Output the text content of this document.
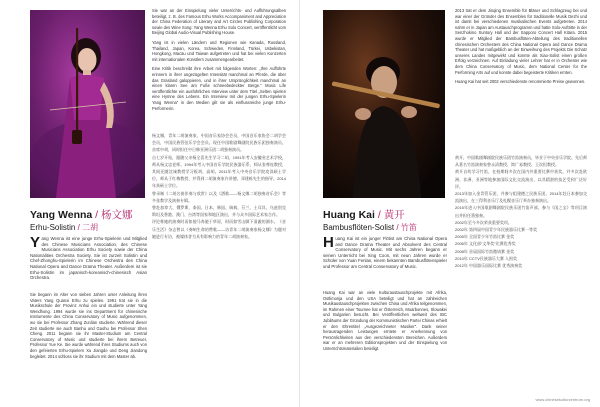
Yang Wenna / 杨文娜
Erhu-Solistin / 二胡
Y ang Wenna ist eine junge Erhu-Spielerin und Mitglied des Chinese Musicians Association, des Chinese Musicians Association Erhu Society sowie der China Nationalities Orchestra Society. Sie ist zurzeit Solistin und Chef-Zhonghu-Spielerin im Chinese Orchestra des China National Opera and Dance Drama Theater. Außerdem ist sie Erhu-Solistin im japanisch-koreanisch-chinesisch Asian Orchestra.

Sie begann im Alter von sieben Jahren unter Anleitung ihres Vaters Yang Quanxi Erhu zu spielen. 1991 trat sie in die Musikschule der Provinz Anhui ein und studierte unter Yang Wendhong. 1994 wurde sie ins Department für chinesische Instrumente des China Conservatory of Music aufgenommen, wo sie bei Professor Zhang Zunlian studierte. Während dieser Zeit studierte sie auch Banhu und Gaohu bei Professor Shen Cheng. 2011 begann sie ihr Master-Studium am Central Conservatory of Music und studierte bei ihrem Betreuer, Professor Yue Ke. Sie wurde während ihres Studiums auch von den gefeierten Erhu-Spielern Xu Jiangde und Deng Jiandong begleitet. 2014 schloss sie ihr Studium mit dem Master ab.

Sie war an der Einspielung vieler Unterrichts- und Aufführungsalben beteiligt, z. B. des Famous Erhu Works Accompaniment and Appreciation der China Federation of Literary and Art Circles Publishing Corporation sowie des Wine Song: Yang Wenna Erhu Solo Concert, veröffentlicht vom Beijing Global Audio-Visual Publishing House.

Yang ist in vielen Ländern und Regionen wie Kanada, Russland, Thailand, Japan, Korea, Schweden, Finnland, Türkei, Usbekistan, Hongkong, Macau und Taiwan aufgetreten und hat bei vielen Konzerten mit internationalen Künstlern zusammengearbeitet.

Eine Kritik beschreibt ihre Arbeit mit folgenden Worten: „Ihre Aufführte erinnern in ihrer ungezügelten Intensität manchmal an Pferde, die über das Grasland galoppieren, und in ihrer Ursprünglichkeit manchmal an einen klaren See am Fuße schneebedeckter Berge." Music Life veröffentlichte ein ausführliches Interview unter dem Titel „Selten spielen eine Hymne des Lebens. Ein Interview mit der jungen Erhu-Spielerin Yang Wenna" in den Medien gilt sie als einflussreiche junge Erhu-Performerin.

杨文娜，青年二胡演奏家，中国音乐家协会会员，中国音乐家协会二胡学会会员，中国民族管弦乐学会会员。现任中国歌剧舞剧院民族乐团独奏演员、首席中胡，同时担任中日韩亚洲乐团二胡独奏演员。

自七岁开始，跟随父亲杨全喜先生学习二胡。1991年考入安徽省艺术学校，师从杨文忠老师。1994年考入中国音乐学院民族器乐系，师从张尊连教授，其间还随沈诚教授学习板胡、高胡。2011年考入中央音乐学院攻读硕士学位，师从于红梅教授，并得到二胡演奏家许讲德、邓建栋先生的指导。2014年获硕士学位。

曾录制《二胡名曲伴奏与欣赏》以及《酒歌——杨文娜二胡独奏音乐会》等多张教学及演奏专辑。

曾赴加拿大、俄罗斯、泰国、日本、韩国、瑞典、芬兰、土耳其、乌兹别克斯坦及香港、澳门、台湾等国家和地区演出，并与众多国际艺术家合作。

评论称她的演奏时而如骏马奔驰于草原，时而如雪山脚下清澈的湖水。《音乐生活》杂志曾以《奏响生命的赞歌——访青年二胡演奏家杨文娜》为题对她进行专访，被媒体誉为具有影响力的青年二胡演奏家。

2013 trat er dem Jinqing Ensemble für Bläser und Schlagzeug bei und war einer der Gründer des Ensembles für traditionelle Musik Dezhi und ist damit bei verschiedenen musikalischen Events aufgetreten. 2014 nahm er in Japan am Austauschprogramm und hatte Solo-Auftritte in der Senzhokino Suntory Hall und der Sapporo Concert Hall Kitara. 2015 wurde er Mitglied der Bambusflöten-Abteilung des traditionellen chinesischen Orchesters des China National Opera and Dance Drama Theater und hat maßgeblich an der Einweihung des Projekts Die Schatz unseres Landes mitgewirkt und konnte als Xiao-Solist einen großen Erfolg verzeichnen. Auf Einladung vieler Lehrer hat er in Orchester wie dem China Conservatory of Music, dem National Center for the Performing Arts auf und konnte dabei begeisterte Kritiken ernten.

Huang Kai hat seit 2002 verschiedenste renommierte Preise gewonnen.

黄开，中国歌剧舞剧院民族乐团竹笛演奏员，毕业于中央音乐学院。先后师从著名竹笛演奏家曾永清教授、简广易教授、王次恒教授。

黄开自幼学习竹笛，在校期间多次在国内外重要比赛中获奖，并多次赴欧洲、非洲、亚洲等地参加国际文化交流演出，以其精湛的技艺受到广泛好评。

2013年加入金青管乐团，并参与组建德之民族乐团。2014年赴日本参加交流演出，在三得利音乐厅及札幌音乐厅举办独奏演出。

2015年进入中国歌剧舞剧院民族乐团竹笛声部，参与《国之宝》等项目演出并担任箫独奏。

2002年至今多次荣获重要奖项。

2002年 第四届中国青少年民族器乐比赛一等奖

2005年 全国青少年竹笛比赛 金奖

2006年 文化部“文华奖”比赛优秀奖

2008年 首届国际竹笛邀请赛 金奖

2010年 CCTV民族器乐大赛 入围奖

2012年 中国器乐国际比赛 优秀演奏奖

Huang Kai / 黄开
Bambusflöten-Solist / 竹笛
H uang Kai ist ein junger Flötist am China National Opera and Dance Drama Theater und Absolvent des Central Conservatory of Music. Mit sechs Jahren begann er seinen Unterricht bei Xing Coon, mit neun Jahren wurde er Schüler von Yuan Fenlan, einem bekannten Bambusflötenspieler und Professor am Central Conservatory of Music.

Huang Kai war an viele Kulturaustauschprojekte mit Afrika, Ostlimonja und den USA beteiligt und hat an zahlreichen Musikaustauschprojekten zwischen China und Afrika teilgenommen, im Rahmen einer Tournee hat er Österreich, Moarbonnes, Slowakei und Bulgarien besucht. Bei Veröffentlichen weltweit des IBC Jubiläums der Gründung der Kommunistischen Partei Chinas erhielt er den Ehrentitel „Ausgezeichneter Musiker". Dank seiner herausragenden Leistungen erntete er Anerkennung von Persönlichkeiten aus den verschiedensten Bereichen. Außerdem war er an mehreren Editionsprojekten und der Einspielung von Unterrichtsmaterialien beteiligt.

www.chinesekulturzentrum.org
